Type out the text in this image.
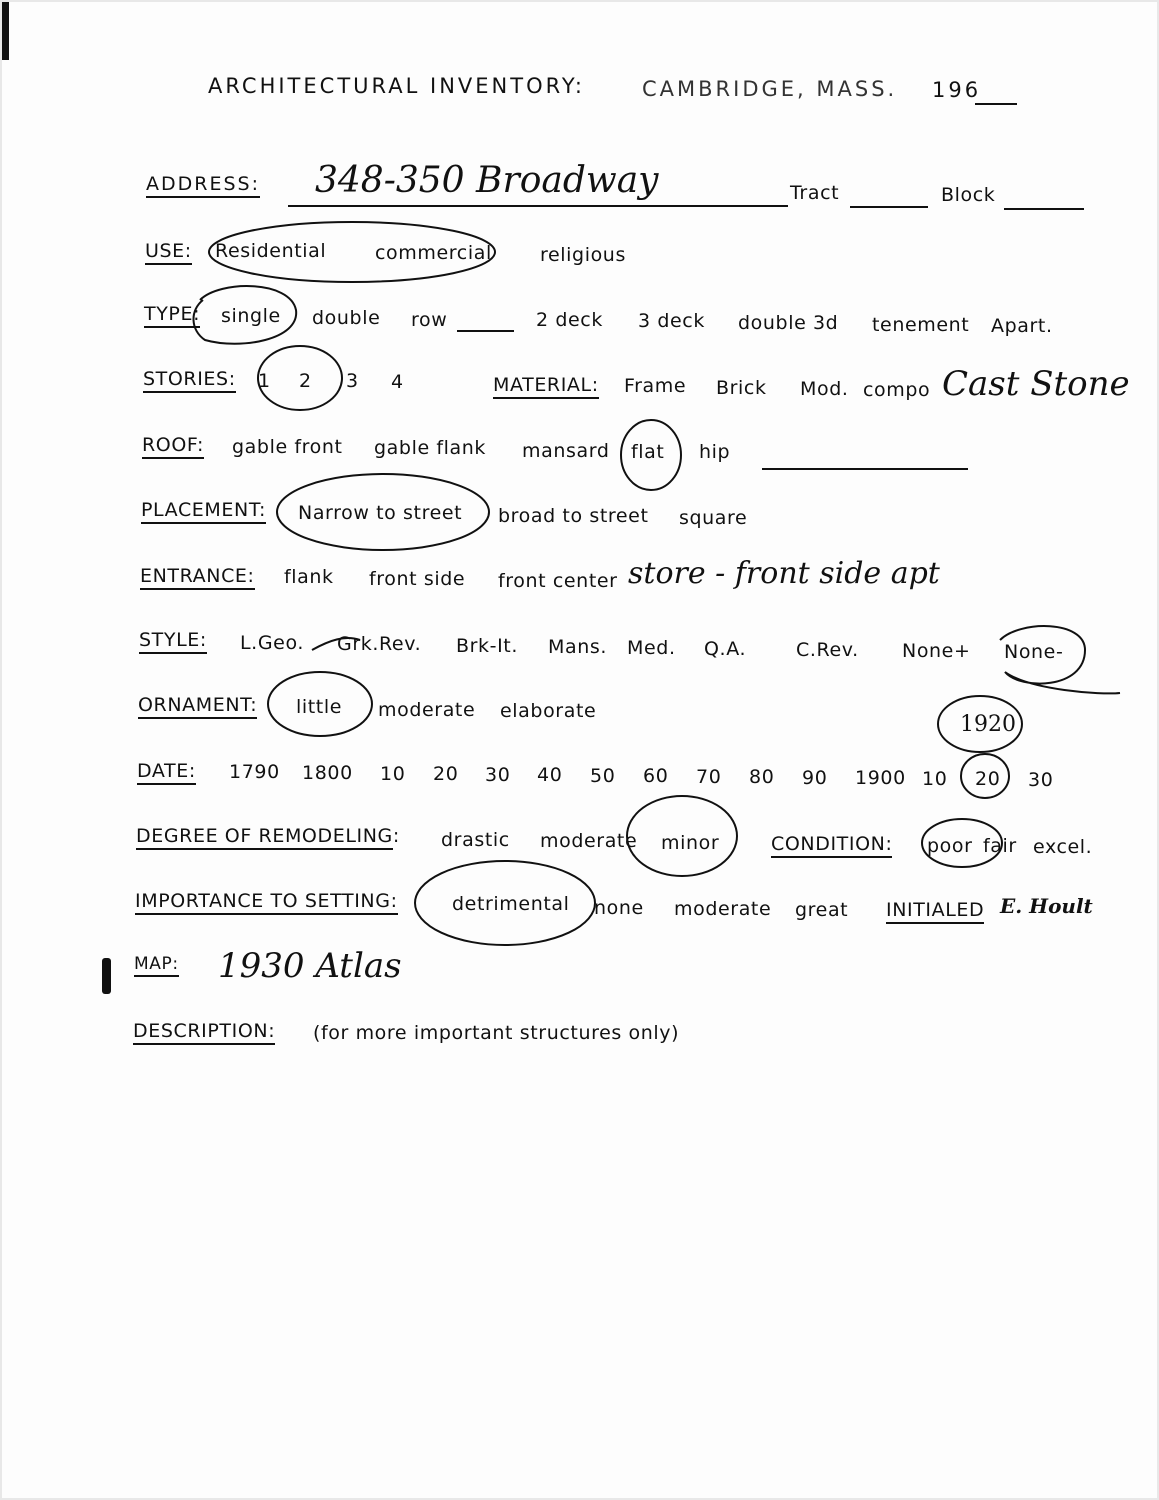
ARCHITECTURAL INVENTORY:	CAMBRIDGE, MASS. 196
ADDRESS: 348-350 Broadway	Tract	Block
USE: Residential	commercial	religious
TYPE: single double row	2 deck 3 deck double 3d tenement Apart.
STORIES: 1 2 3 4	MATERIAL: Frame Brick Mod. compo Cast Stone
ROOF: gable front gable flank mansard flat hip
PLACEMENT: Narrow to street broad to street square
ENTRANCE: flank front side front center store - front side apt
STYLE: L.Geo. Grk.Rev. Brk-It. Mans. Med. Q.A.	C.Rev. None+ None-
ORNAMENT: little moderate elaborate
DATE: 1790 1800 10 20 30 40 50 60 70 80 90 1900 10 20 30
1920
DEGREE OF REMODELING: drastic moderate minor	CONDITION: poor fair excel.
IMPORTANCE TO SETTING:	detrimental none moderate great INITIALED E. Hoult
MAP: 1930 Atlas
DESCRIPTION: (for more important structures only)
